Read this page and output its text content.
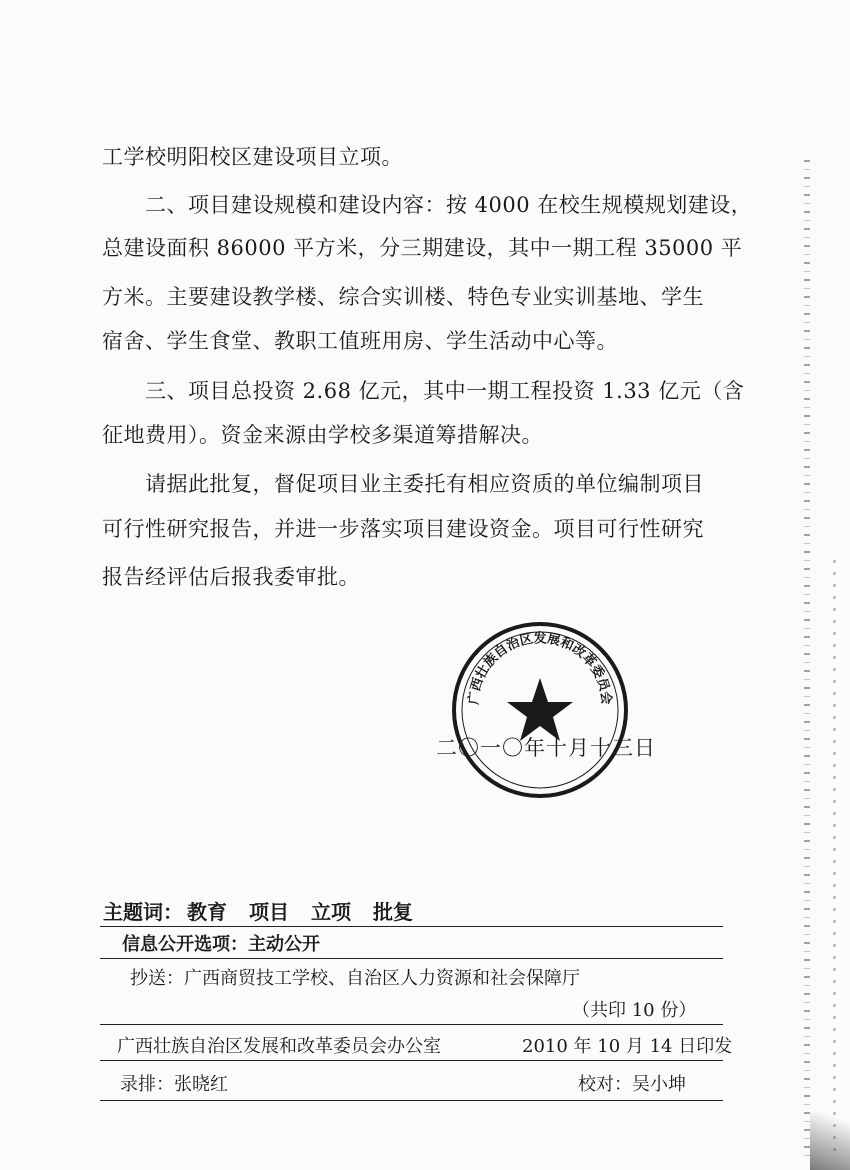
工学校明阳校区建设项目立项。
二、项目建设规模和建设内容：按 4000 在校生规模规划建设，
总建设面积 86000 平方米，分三期建设，其中一期工程 35000 平
方米。主要建设教学楼、综合实训楼、特色专业实训基地、学生
宿舍、学生食堂、教职工值班用房、学生活动中心等。
三、项目总投资 2.68 亿元，其中一期工程投资 1.33 亿元（含
征地费用）。资金来源由学校多渠道筹措解决。
请据此批复，督促项目业主委托有相应资质的单位编制项目
可行性研究报告，并进一步落实项目建设资金。项目可行性研究
报告经评估后报我委审批。
二〇一〇年十月十三日
广西壮族自治区发展和改革委员会
主题词： 教育 项目 立项 批复
信息公开选项：主动公开
抄送：广西商贸技工学校、自治区人力资源和社会保障厅
（共印 10 份）
广西壮族自治区发展和改革委员会办公室	2010 年 10 月 14 日印发
录排：张晓红	校对：吴小坤
